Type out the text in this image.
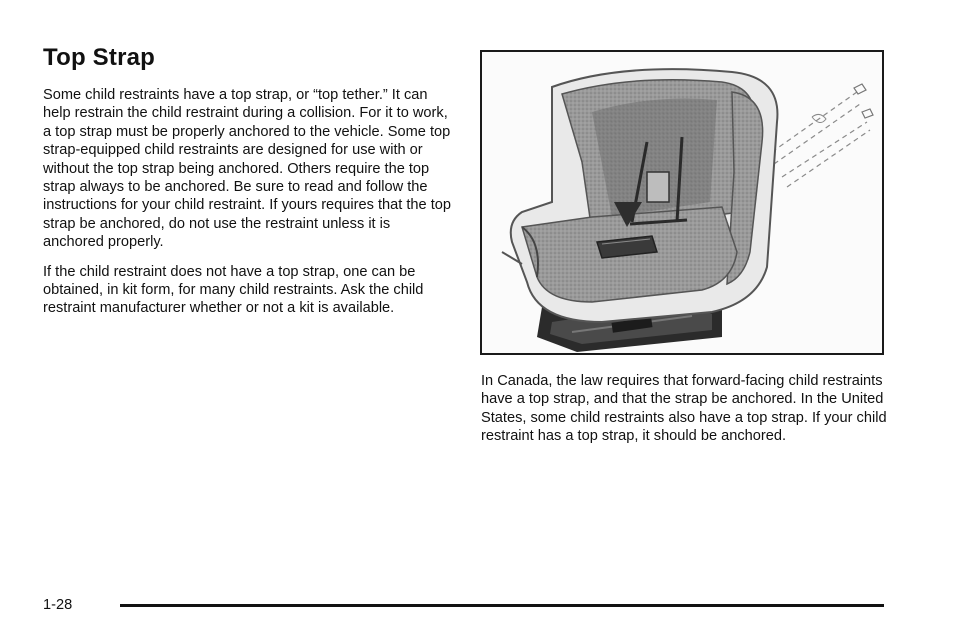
Top Strap

Some child restraints have a top strap, or “top tether.” It can help restrain the child restraint during a collision. For it to work, a top strap must be properly anchored to the vehicle. Some top strap-equipped child restraints are designed for use with or without the top strap being anchored. Others require the top strap always to be anchored. Be sure to read and follow the instructions for your child restraint. If yours requires that the top strap be anchored, do not use the restraint unless it is anchored properly.

If the child restraint does not have a top strap, one can be obtained, in kit form, for many child restraints. Ask the child restraint manufacturer whether or not a kit is available.

In Canada, the law requires that forward-facing child restraints have a top strap, and that the strap be anchored. In the United States, some child restraints also have a top strap. If your child restraint has a top strap, it should be anchored.

1-28
